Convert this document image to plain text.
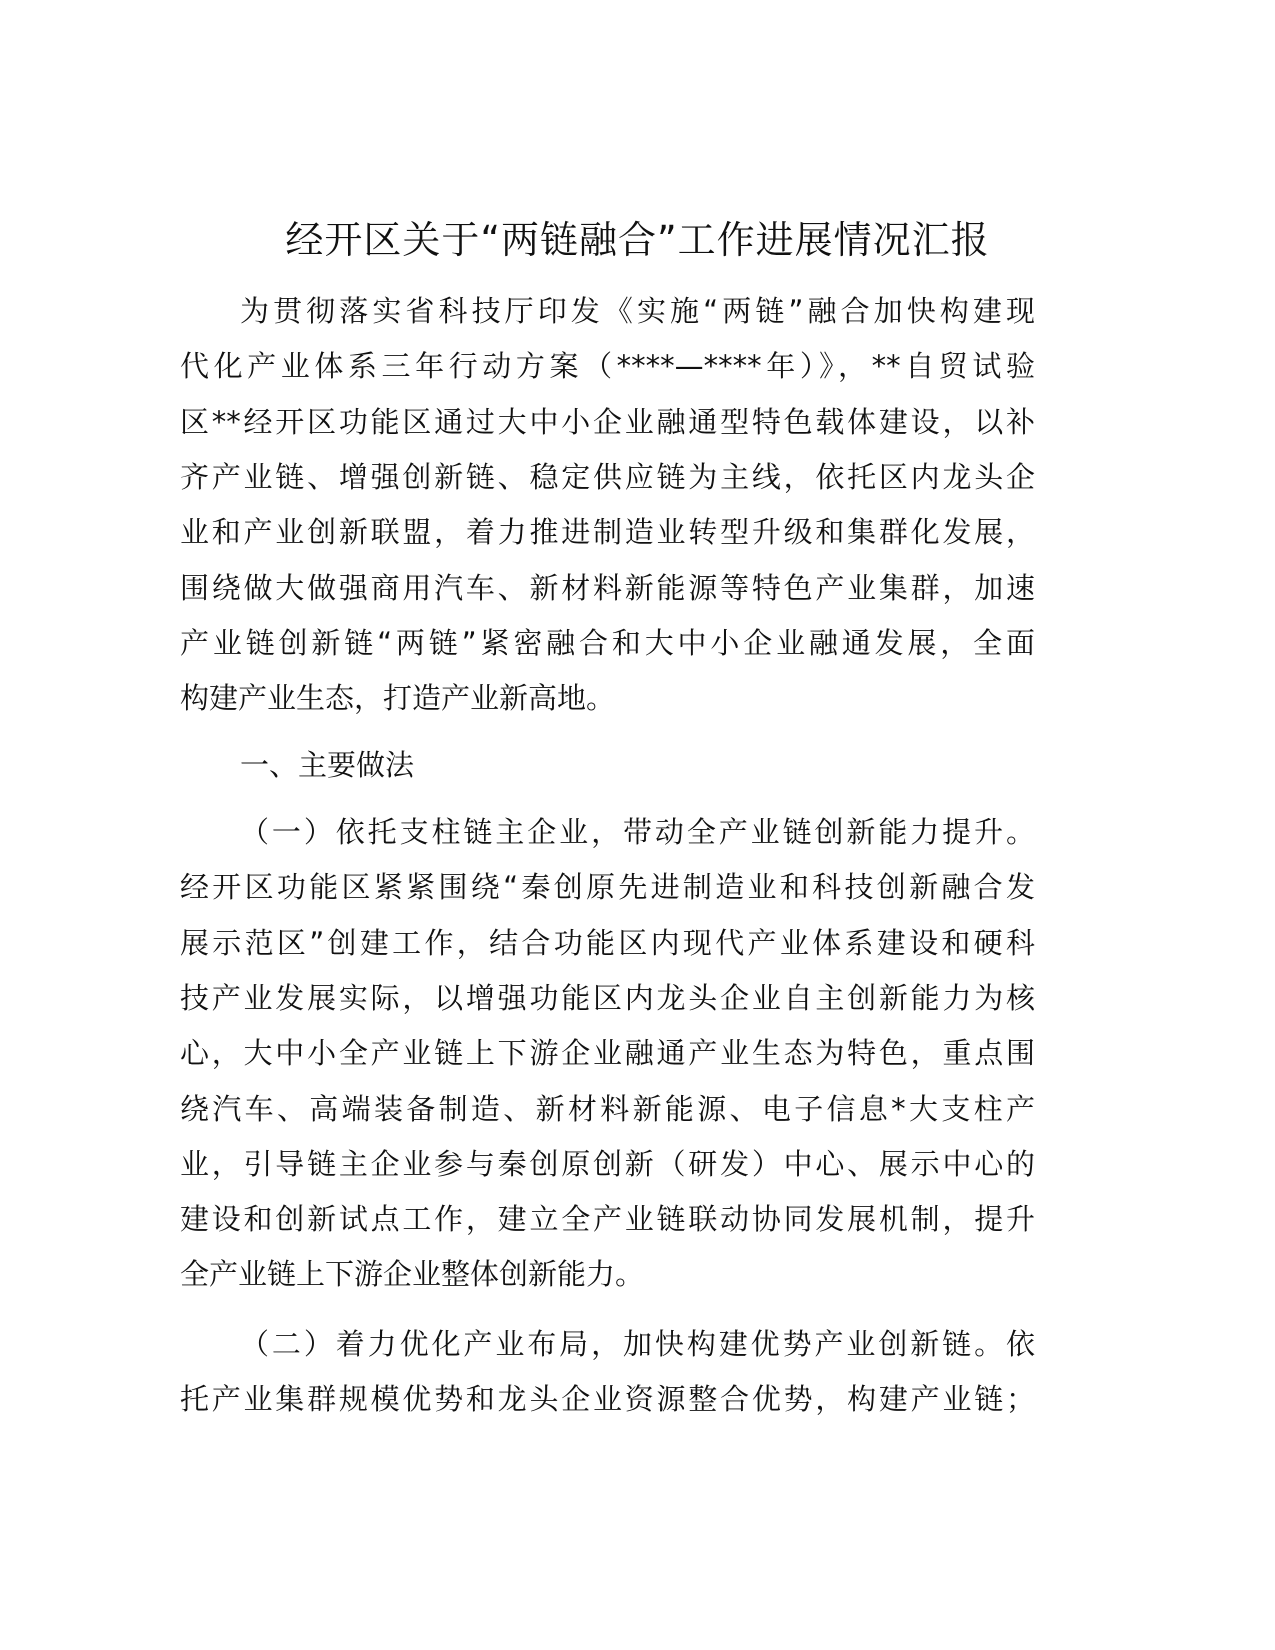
经开区关于“两链融合”工作进展情况汇报
为贯彻落实省科技厅印发《实施“两链”融合加快构建现
代化产业体系三年行动方案（****—****年）》，**自贸试验
区**经开区功能区通过大中小企业融通型特色载体建设，以补
齐产业链、增强创新链、稳定供应链为主线，依托区内龙头企
业和产业创新联盟，着力推进制造业转型升级和集群化发展，
围绕做大做强商用汽车、新材料新能源等特色产业集群，加速
产业链创新链“两链”紧密融合和大中小企业融通发展，全面
构建产业生态，打造产业新高地。
一、主要做法
（一）依托支柱链主企业，带动全产业链创新能力提升。
经开区功能区紧紧围绕“秦创原先进制造业和科技创新融合发
展示范区”创建工作，结合功能区内现代产业体系建设和硬科
技产业发展实际，以增强功能区内龙头企业自主创新能力为核
心，大中小全产业链上下游企业融通产业生态为特色，重点围
绕汽车、高端装备制造、新材料新能源、电子信息*大支柱产
业，引导链主企业参与秦创原创新（研发）中心、展示中心的
建设和创新试点工作，建立全产业链联动协同发展机制，提升
全产业链上下游企业整体创新能力。
（二）着力优化产业布局，加快构建优势产业创新链。依
托产业集群规模优势和龙头企业资源整合优势，构建产业链；
